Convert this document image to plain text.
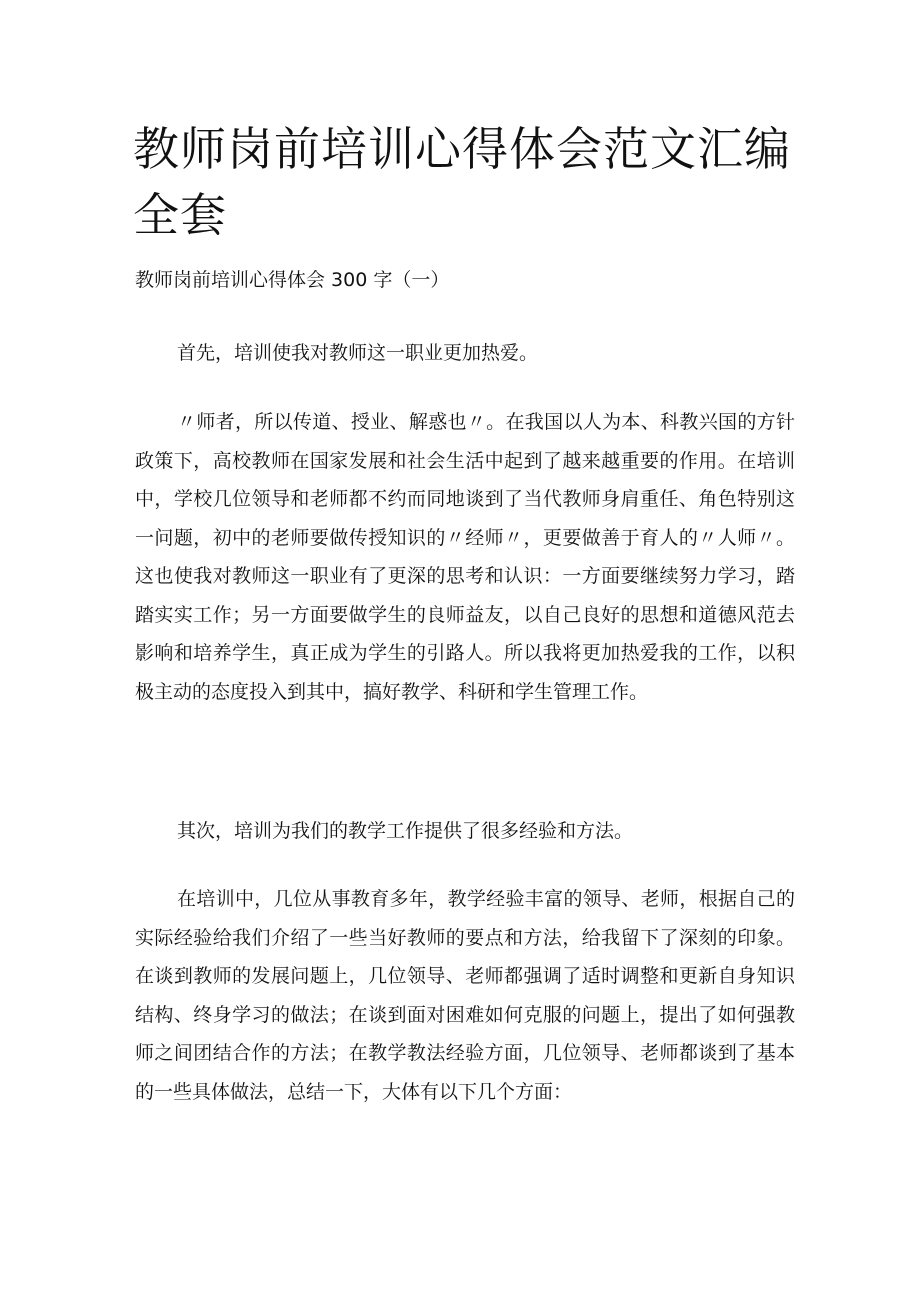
教师岗前培训心得体会范文汇编全套

教师岗前培训心得体会 300 字（一）

首先，培训使我对教师这一职业更加热爱。

〃师者，所以传道、授业、解惑也〃。在我国以人为本、科教兴国的方针政策下，高校教师在国家发展和社会生活中起到了越来越重要的作用。在培训中，学校几位领导和老师都不约而同地谈到了当代教师身肩重任、角色特别这一问题，初中的老师要做传授知识的〃经师〃，更要做善于育人的〃人师〃。这也使我对教师这一职业有了更深的思考和认识：一方面要继续努力学习，踏踏实实工作；另一方面要做学生的良师益友，以自己良好的思想和道德风范去影响和培养学生，真正成为学生的引路人。所以我将更加热爱我的工作，以积极主动的态度投入到其中，搞好教学、科研和学生管理工作。

其次，培训为我们的教学工作提供了很多经验和方法。

在培训中，几位从事教育多年，教学经验丰富的领导、老师，根据自己的实际经验给我们介绍了一些当好教师的要点和方法，给我留下了深刻的印象。在谈到教师的发展问题上，几位领导、老师都强调了适时调整和更新自身知识结构、终身学习的做法；在谈到面对困难如何克服的问题上，提出了如何强教师之间团结合作的方法；在教学教法经验方面，几位领导、老师都谈到了基本的一些具体做法，总结一下，大体有以下几个方面：
